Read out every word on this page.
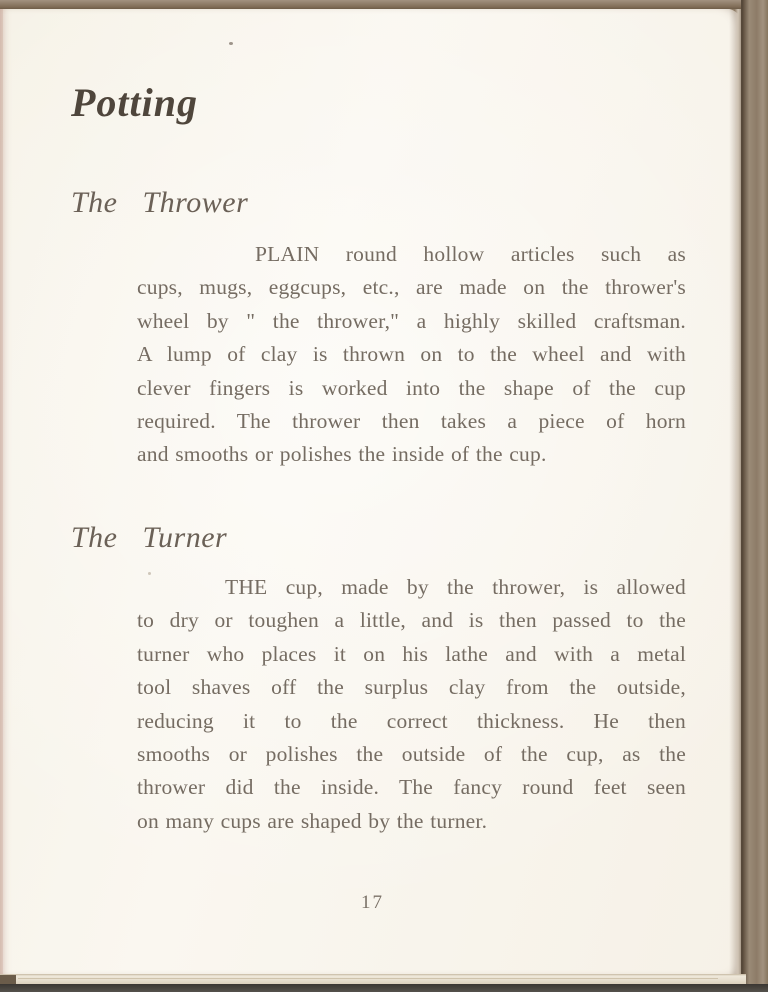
Potting
The Thrower
PLAIN round hollow articles such as
cups, mugs, eggcups, etc., are made on the thrower's
wheel by " the thrower," a highly skilled craftsman.
A lump of clay is thrown on to the wheel and with
clever fingers is worked into the shape of the cup
required. The thrower then takes a piece of horn
and smooths or polishes the inside of the cup.
The Turner
THE cup, made by the thrower, is allowed
to dry or toughen a little, and is then passed to the
turner who places it on his lathe and with a metal
tool shaves off the surplus clay from the outside,
reducing it to the correct thickness. He then
smooths or polishes the outside of the cup, as the
thrower did the inside. The fancy round feet seen
on many cups are shaped by the turner.
17
